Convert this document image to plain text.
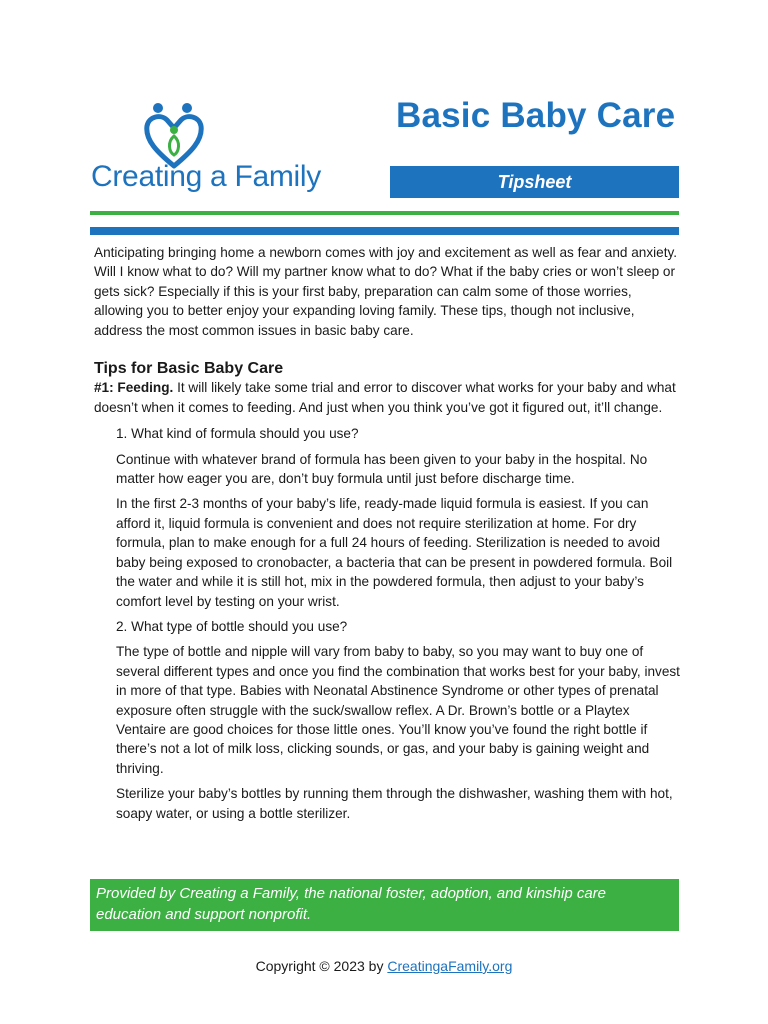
Creating a Family
Basic Baby Care
Tipsheet

Anticipating bringing home a newborn comes with joy and excitement as well as fear and anxiety. Will I know what to do? Will my partner know what to do? What if the baby cries or won’t sleep or gets sick? Especially if this is your first baby, preparation can calm some of those worries, allowing you to better enjoy your expanding loving family. These tips, though not inclusive, address the most common issues in basic baby care.

Tips for Basic Baby Care

#1: Feeding. It will likely take some trial and error to discover what works for your baby and what doesn’t when it comes to feeding. And just when you think you’ve got it figured out, it’ll change.

1. What kind of formula should you use?

Continue with whatever brand of formula has been given to your baby in the hospital. No matter how eager you are, don’t buy formula until just before discharge time.

In the first 2-3 months of your baby’s life, ready-made liquid formula is easiest. If you can afford it, liquid formula is convenient and does not require sterilization at home. For dry formula, plan to make enough for a full 24 hours of feeding. Sterilization is needed to avoid baby being exposed to cronobacter, a bacteria that can be present in powdered formula. Boil the water and while it is still hot, mix in the powdered formula, then adjust to your baby’s comfort level by testing on your wrist.

2. What type of bottle should you use?

The type of bottle and nipple will vary from baby to baby, so you may want to buy one of several different types and once you find the combination that works best for your baby, invest in more of that type. Babies with Neonatal Abstinence Syndrome or other types of prenatal exposure often struggle with the suck/swallow reflex. A Dr. Brown’s bottle or a Playtex Ventaire are good choices for those little ones. You’ll know you’ve found the right bottle if there’s not a lot of milk loss, clicking sounds, or gas, and your baby is gaining weight and thriving.

Sterilize your baby’s bottles by running them through the dishwasher, washing them with hot, soapy water, or using a bottle sterilizer.

Provided by Creating a Family, the national foster, adoption, and kinship care education and support nonprofit.
Copyright © 2023 by CreatingaFamily.org
